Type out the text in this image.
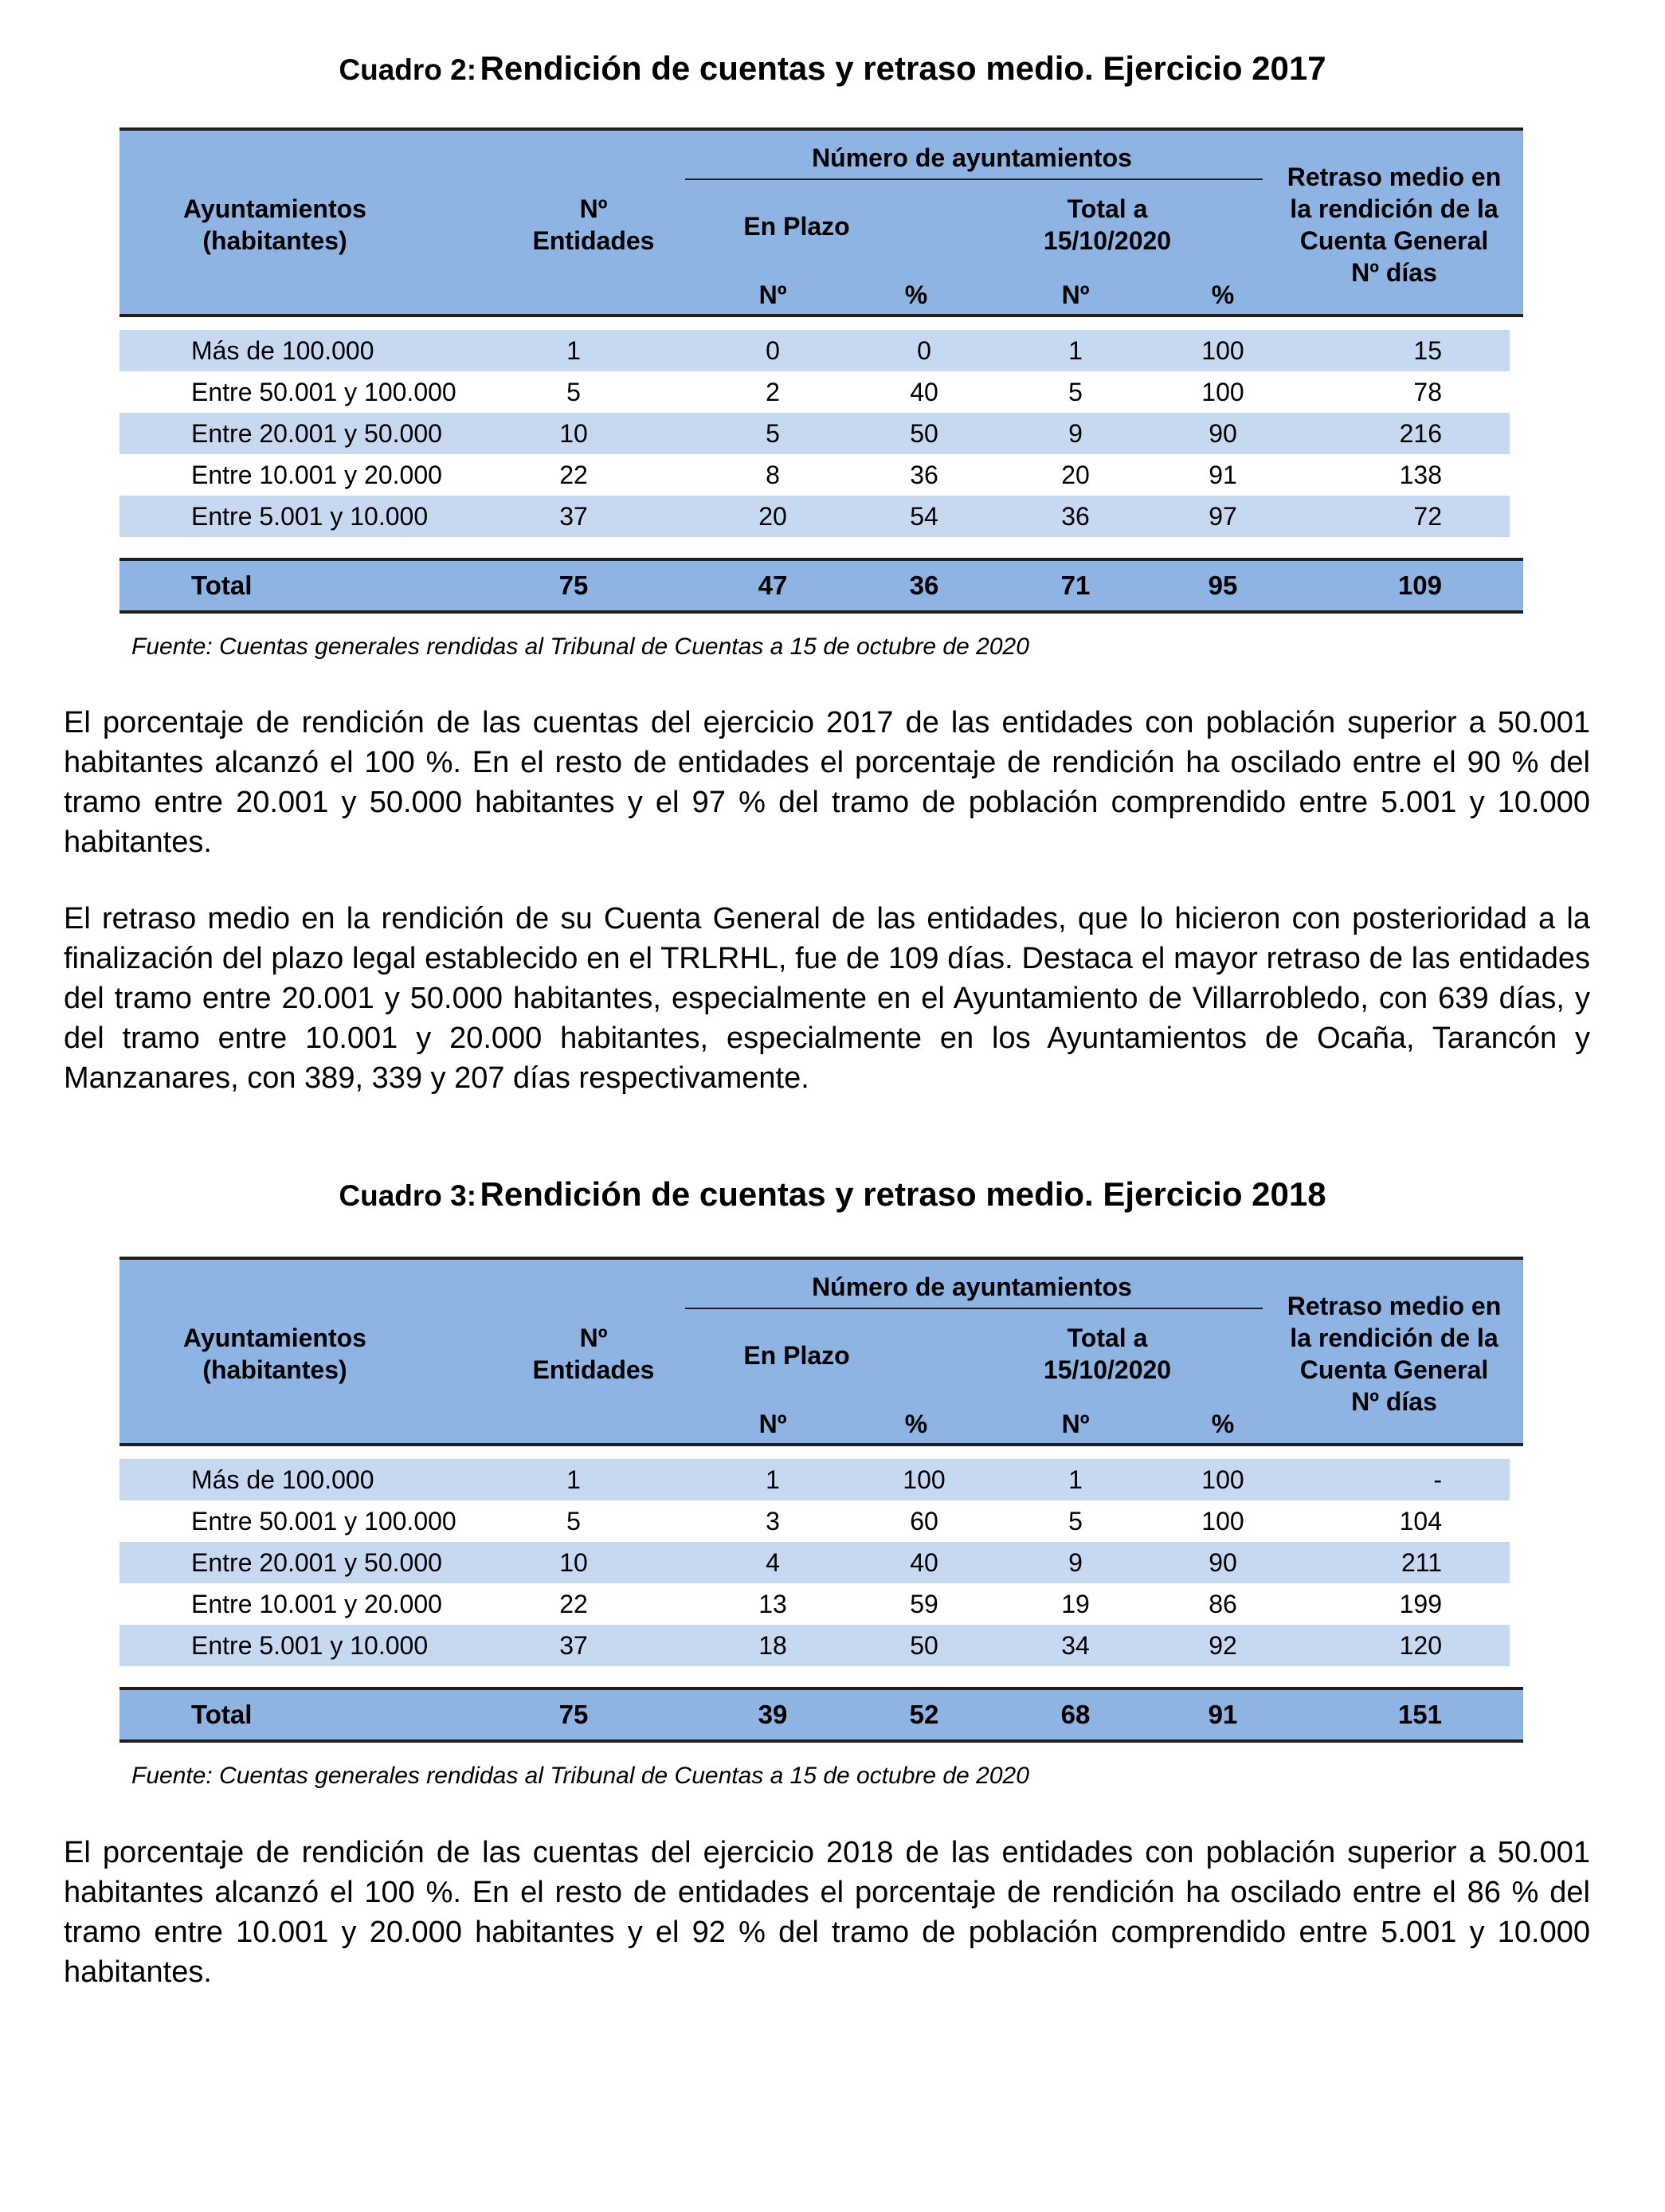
Cuadro 2: Rendición de cuentas y retraso medio. Ejercicio 2017
Ayuntamientos
(habitantes)
Nº
Entidades
Número de ayuntamientos
En Plazo
Total a
15/10/2020
Nº	%	Nº	%
Retraso medio en
la rendición de la
Cuenta General
Nº días
Más de 100.000	1	0	0	1	100	15
Entre 50.001 y 100.000	5	2	40	5	100	78
Entre 20.001 y 50.000	10	5	50	9	90	216
Entre 10.001 y 20.000	22	8	36	20	91	138
Entre 5.001 y 10.000	37	20	54	36	97	72
Total	75	47	36	71	95	109
Fuente: Cuentas generales rendidas al Tribunal de Cuentas a 15 de octubre de 2020
El porcentaje de rendición de las cuentas del ejercicio 2017 de las entidades con población superior a 50.001 habitantes alcanzó el 100 %. En el resto de entidades el porcentaje de rendición ha oscilado entre el 90 % del tramo entre 20.001 y 50.000 habitantes y el 97 % del tramo de población comprendido entre 5.001 y 10.000 habitantes.
El retraso medio en la rendición de su Cuenta General de las entidades, que lo hicieron con posterioridad a la finalización del plazo legal establecido en el TRLRHL, fue de 109 días. Destaca el mayor retraso de las entidades del tramo entre 20.001 y 50.000 habitantes, especialmente en el Ayuntamiento de Villarrobledo, con 639 días, y del tramo entre 10.001 y 20.000 habitantes, especialmente en los Ayuntamientos de Ocaña, Tarancón y Manzanares, con 389, 339 y 207 días respectivamente.
Cuadro 3: Rendición de cuentas y retraso medio. Ejercicio 2018
Ayuntamientos
(habitantes)
Nº
Entidades
Número de ayuntamientos
En Plazo
Total a
15/10/2020
Nº	%	Nº	%
Retraso medio en
la rendición de la
Cuenta General
Nº días
Más de 100.000	1	1	100	1	100	-
Entre 50.001 y 100.000	5	3	60	5	100	104
Entre 20.001 y 50.000	10	4	40	9	90	211
Entre 10.001 y 20.000	22	13	59	19	86	199
Entre 5.001 y 10.000	37	18	50	34	92	120
Total	75	39	52	68	91	151
Fuente: Cuentas generales rendidas al Tribunal de Cuentas a 15 de octubre de 2020
El porcentaje de rendición de las cuentas del ejercicio 2018 de las entidades con población superior a 50.001 habitantes alcanzó el 100 %. En el resto de entidades el porcentaje de rendición ha oscilado entre el 86 % del tramo entre 10.001 y 20.000 habitantes y el 92 % del tramo de población comprendido entre 5.001 y 10.000 habitantes.
